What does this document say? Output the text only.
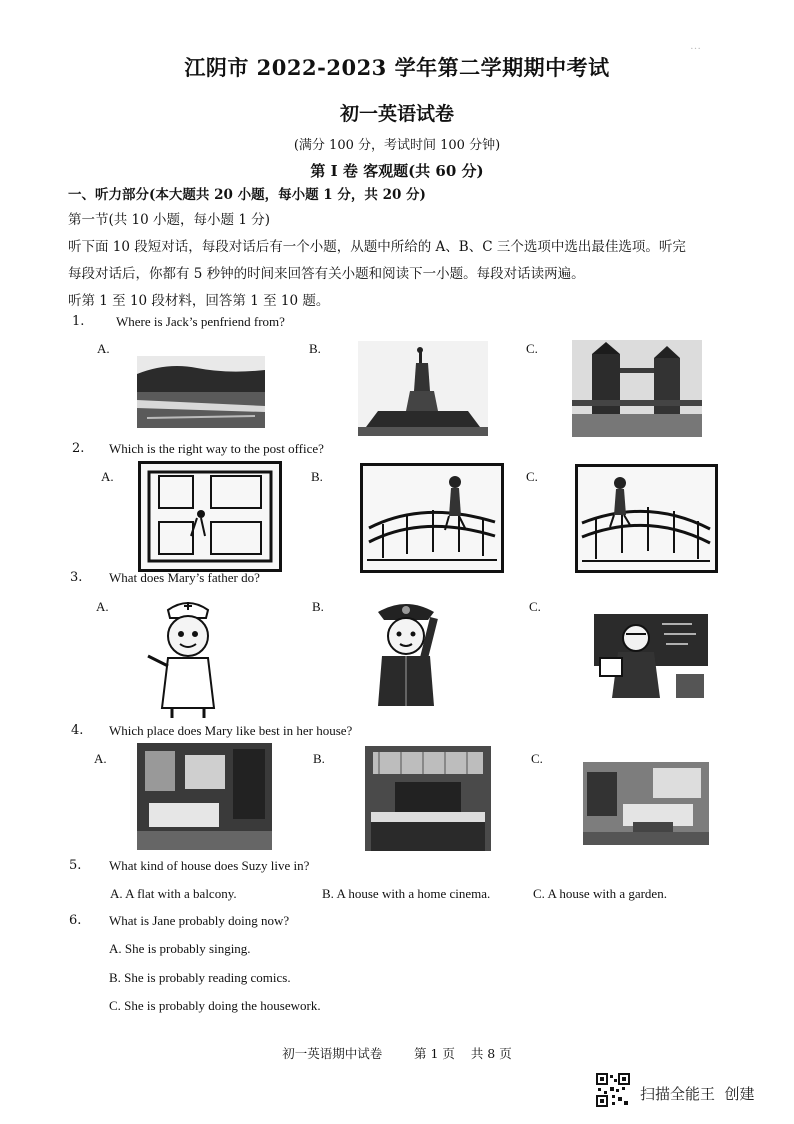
…
江阴市 2022-2023 学年第二学期期中考试
初一英语试卷
(满分 100 分，考试时间 100 分钟)
第 I 卷 客观题(共 60 分)
一、听力部分(本大题共 20 小题，每小题 1 分，共 20 分)
第一节(共 10 小题，每小题 1 分)
听下面 10 段短对话，每段对话后有一个小题，从题中所给的 A、B、C 三个选项中选出最佳选项。听完
每段对话后，你都有 5 秒钟的时间来回答有关小题和阅读下一小题。每段对话读两遍。
听第 1 至 10 段材料，回答第 1 至 10 题。
1. Where is Jack’s penfriend from?
A.	B.	C.
2. Which is the right way to the post office?
A.	B.	C.
3. What does Mary’s father do?
A.	B.	C.
4. Which place does Mary like best in her house?
A.	B.	C.
5. What kind of house does Suzy live in?
A. A flat with a balcony.	B. A house with a home cinema.	C. A house with a garden.
6. What is Jane probably doing now?
A. She is probably singing.
B. She is probably reading comics.
C. She is probably doing the housework.
初一英语期中试卷        第 1 页    共 8 页
扫描全能王  创建
